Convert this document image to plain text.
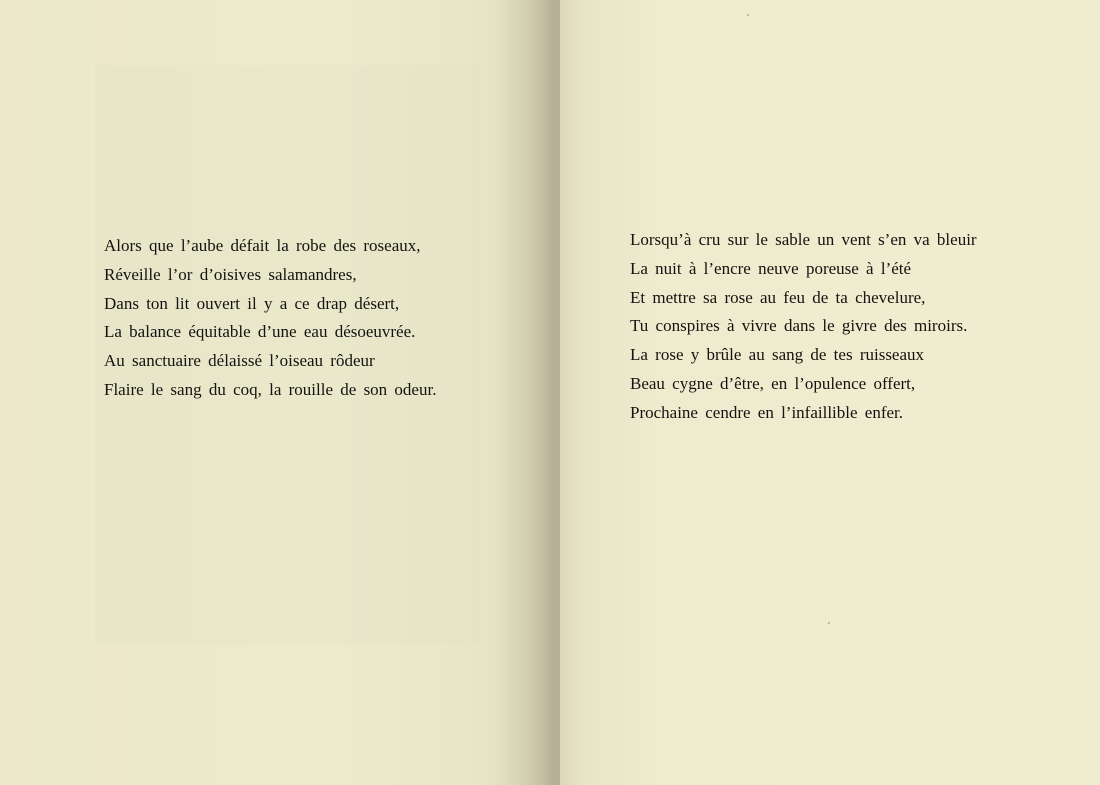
Alors que l’aube défait la robe des roseaux,
Réveille l’or d’oisives salamandres,
Dans ton lit ouvert il y a ce drap désert,
La balance équitable d’une eau désoeuvrée.
Au sanctuaire délaissé l’oiseau rôdeur
Flaire le sang du coq, la rouille de son odeur.
Lorsqu’à cru sur le sable un vent s’en va bleuir
La nuit à l’encre neuve poreuse à l’été
Et mettre sa rose au feu de ta chevelure,
Tu conspires à vivre dans le givre des miroirs.
La rose y brûle au sang de tes ruisseaux
Beau cygne d’être, en l’opulence offert,
Prochaine cendre en l’infaillible enfer.
